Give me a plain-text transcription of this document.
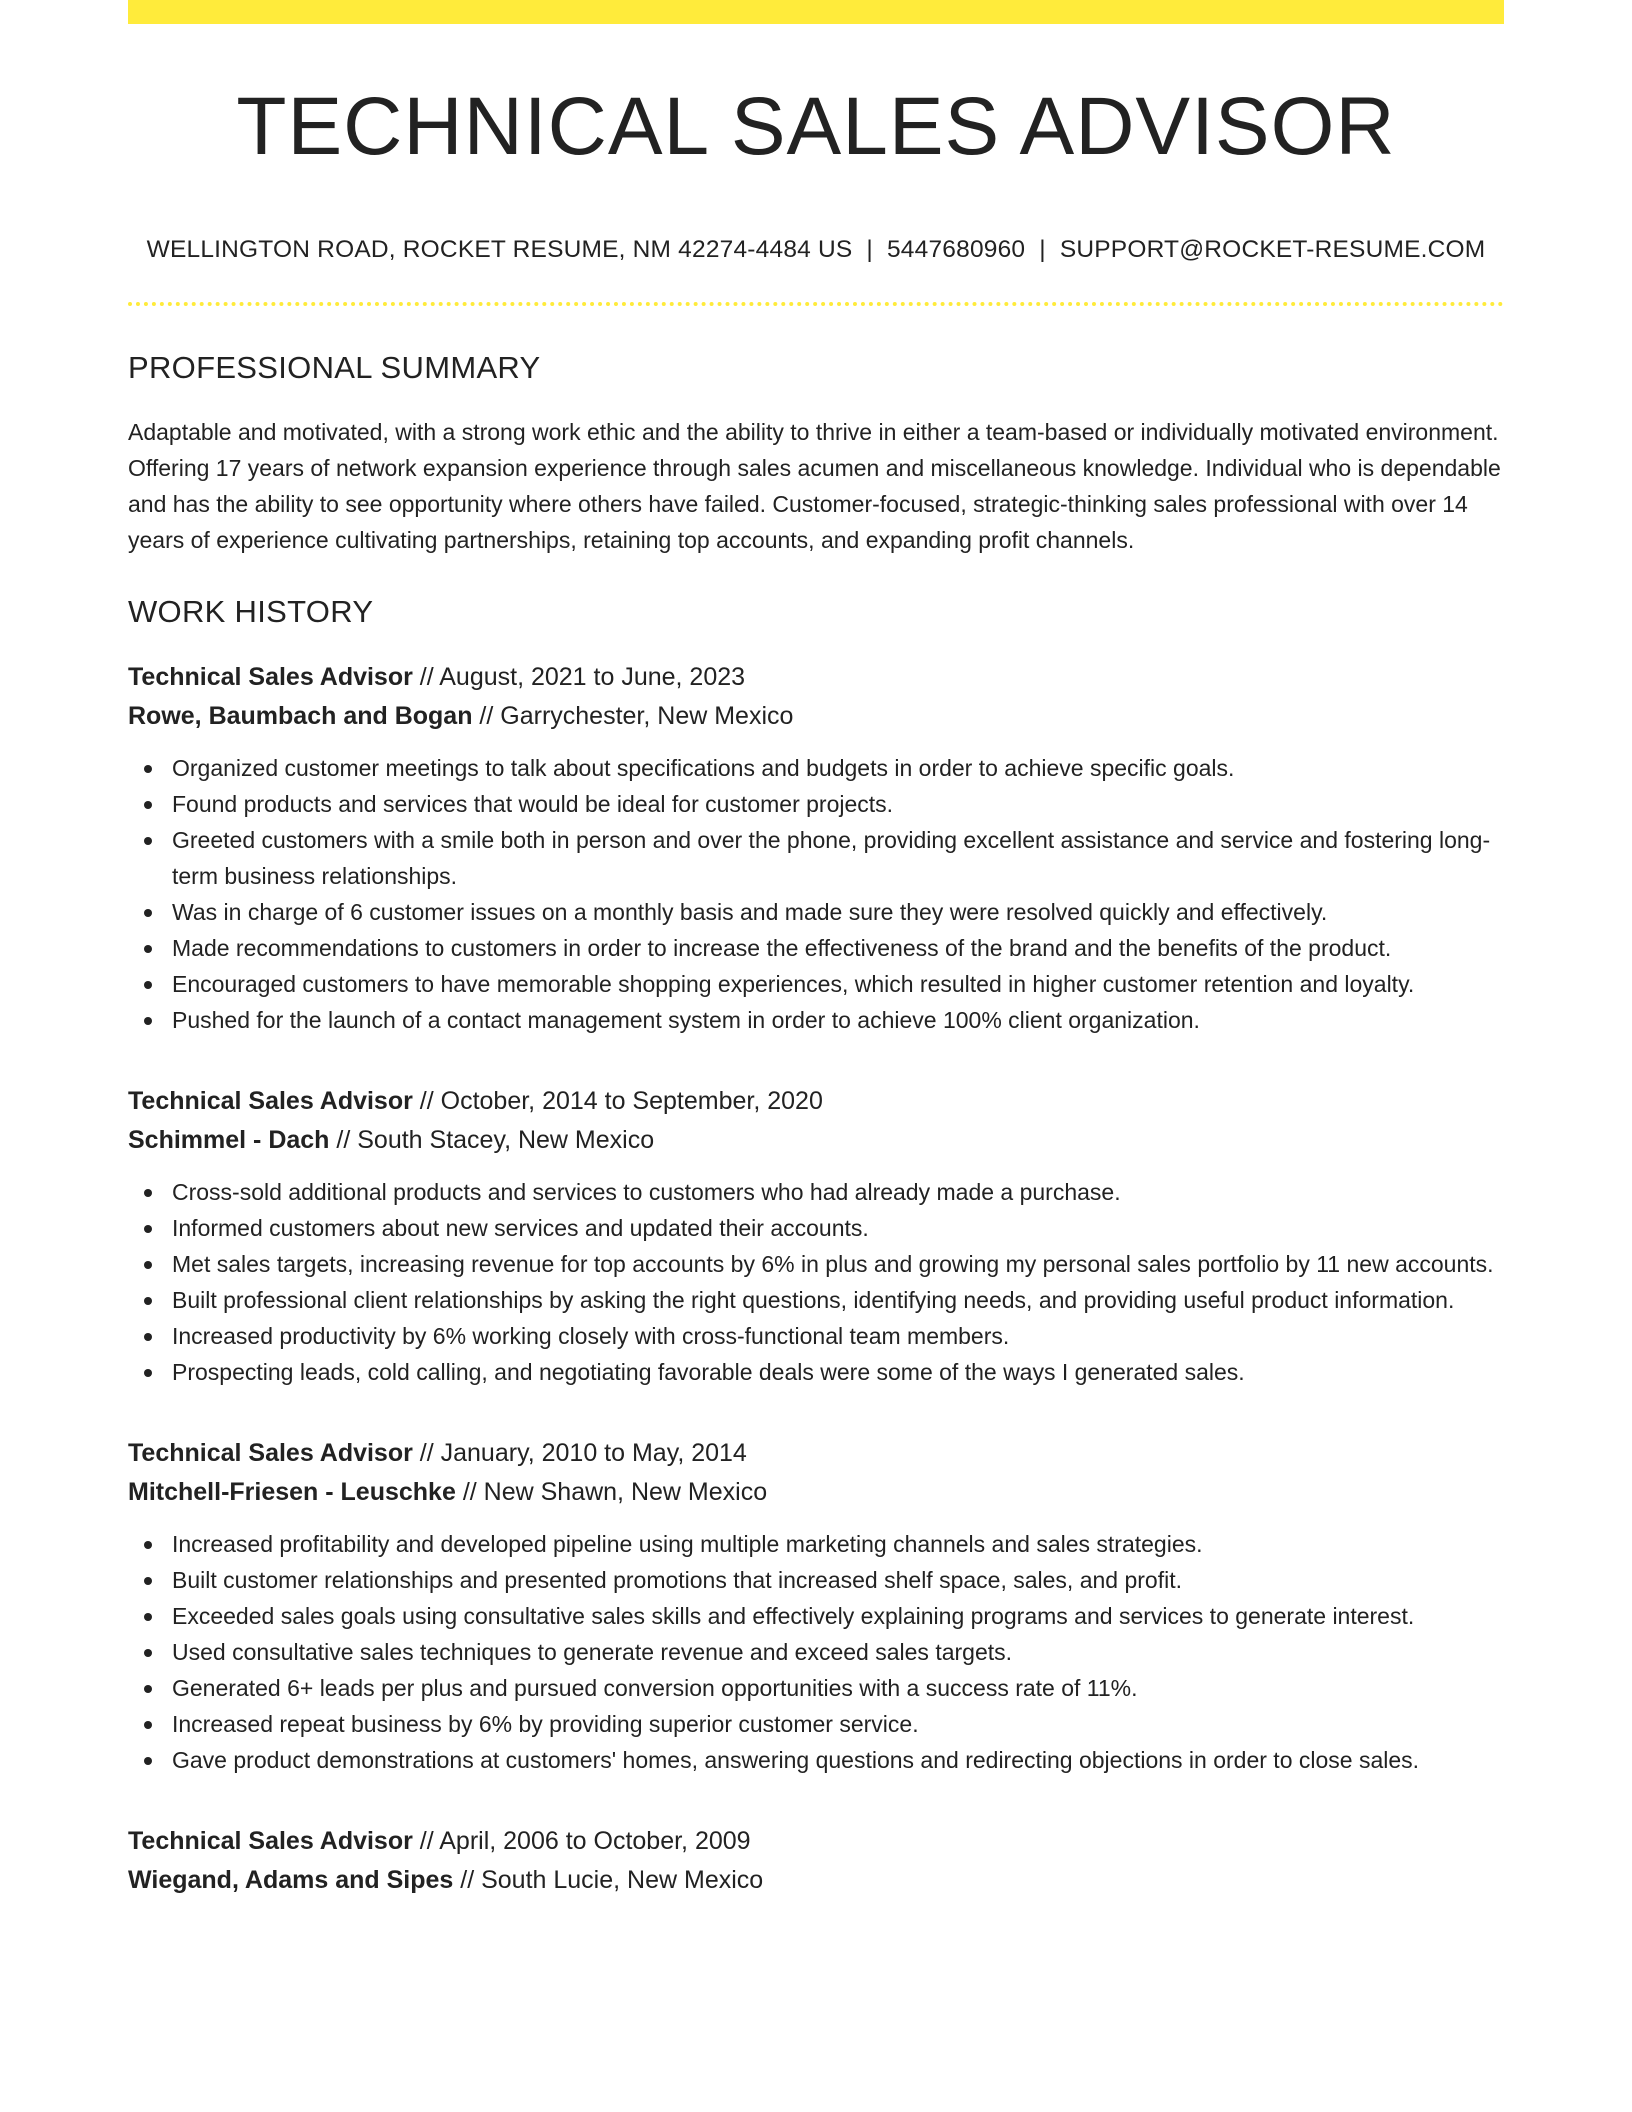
TECHNICAL SALES ADVISOR
WELLINGTON ROAD, ROCKET RESUME, NM 42274-4484 US | 5447680960 | SUPPORT@ROCKET-RESUME.COM
PROFESSIONAL SUMMARY

Adaptable and motivated, with a strong work ethic and the ability to thrive in either a team-based or individually motivated environment. Offering 17 years of network expansion experience through sales acumen and miscellaneous knowledge. Individual who is dependable and has the ability to see opportunity where others have failed. Customer-focused, strategic-thinking sales professional with over 14 years of experience cultivating partnerships, retaining top accounts, and expanding profit channels.

WORK HISTORY
Technical Sales Advisor // August, 2021 to June, 2023
Rowe, Baumbach and Bogan // Garrychester, New Mexico
Organized customer meetings to talk about specifications and budgets in order to achieve specific goals.
Found products and services that would be ideal for customer projects.
Greeted customers with a smile both in person and over the phone, providing excellent assistance and service and fostering long-term business relationships.
Was in charge of 6 customer issues on a monthly basis and made sure they were resolved quickly and effectively.
Made recommendations to customers in order to increase the effectiveness of the brand and the benefits of the product.
Encouraged customers to have memorable shopping experiences, which resulted in higher customer retention and loyalty.
Pushed for the launch of a contact management system in order to achieve 100% client organization.
Technical Sales Advisor // October, 2014 to September, 2020
Schimmel - Dach // South Stacey, New Mexico
Cross-sold additional products and services to customers who had already made a purchase.
Informed customers about new services and updated their accounts.
Met sales targets, increasing revenue for top accounts by 6% in plus and growing my personal sales portfolio by 11 new accounts.
Built professional client relationships by asking the right questions, identifying needs, and providing useful product information.
Increased productivity by 6% working closely with cross-functional team members.
Prospecting leads, cold calling, and negotiating favorable deals were some of the ways I generated sales.
Technical Sales Advisor // January, 2010 to May, 2014
Mitchell-Friesen - Leuschke // New Shawn, New Mexico
Increased profitability and developed pipeline using multiple marketing channels and sales strategies.
Built customer relationships and presented promotions that increased shelf space, sales, and profit.
Exceeded sales goals using consultative sales skills and effectively explaining programs and services to generate interest.
Used consultative sales techniques to generate revenue and exceed sales targets.
Generated 6+ leads per plus and pursued conversion opportunities with a success rate of 11%.
Increased repeat business by 6% by providing superior customer service.
Gave product demonstrations at customers' homes, answering questions and redirecting objections in order to close sales.
Technical Sales Advisor // April, 2006 to October, 2009
Wiegand, Adams and Sipes // South Lucie, New Mexico
